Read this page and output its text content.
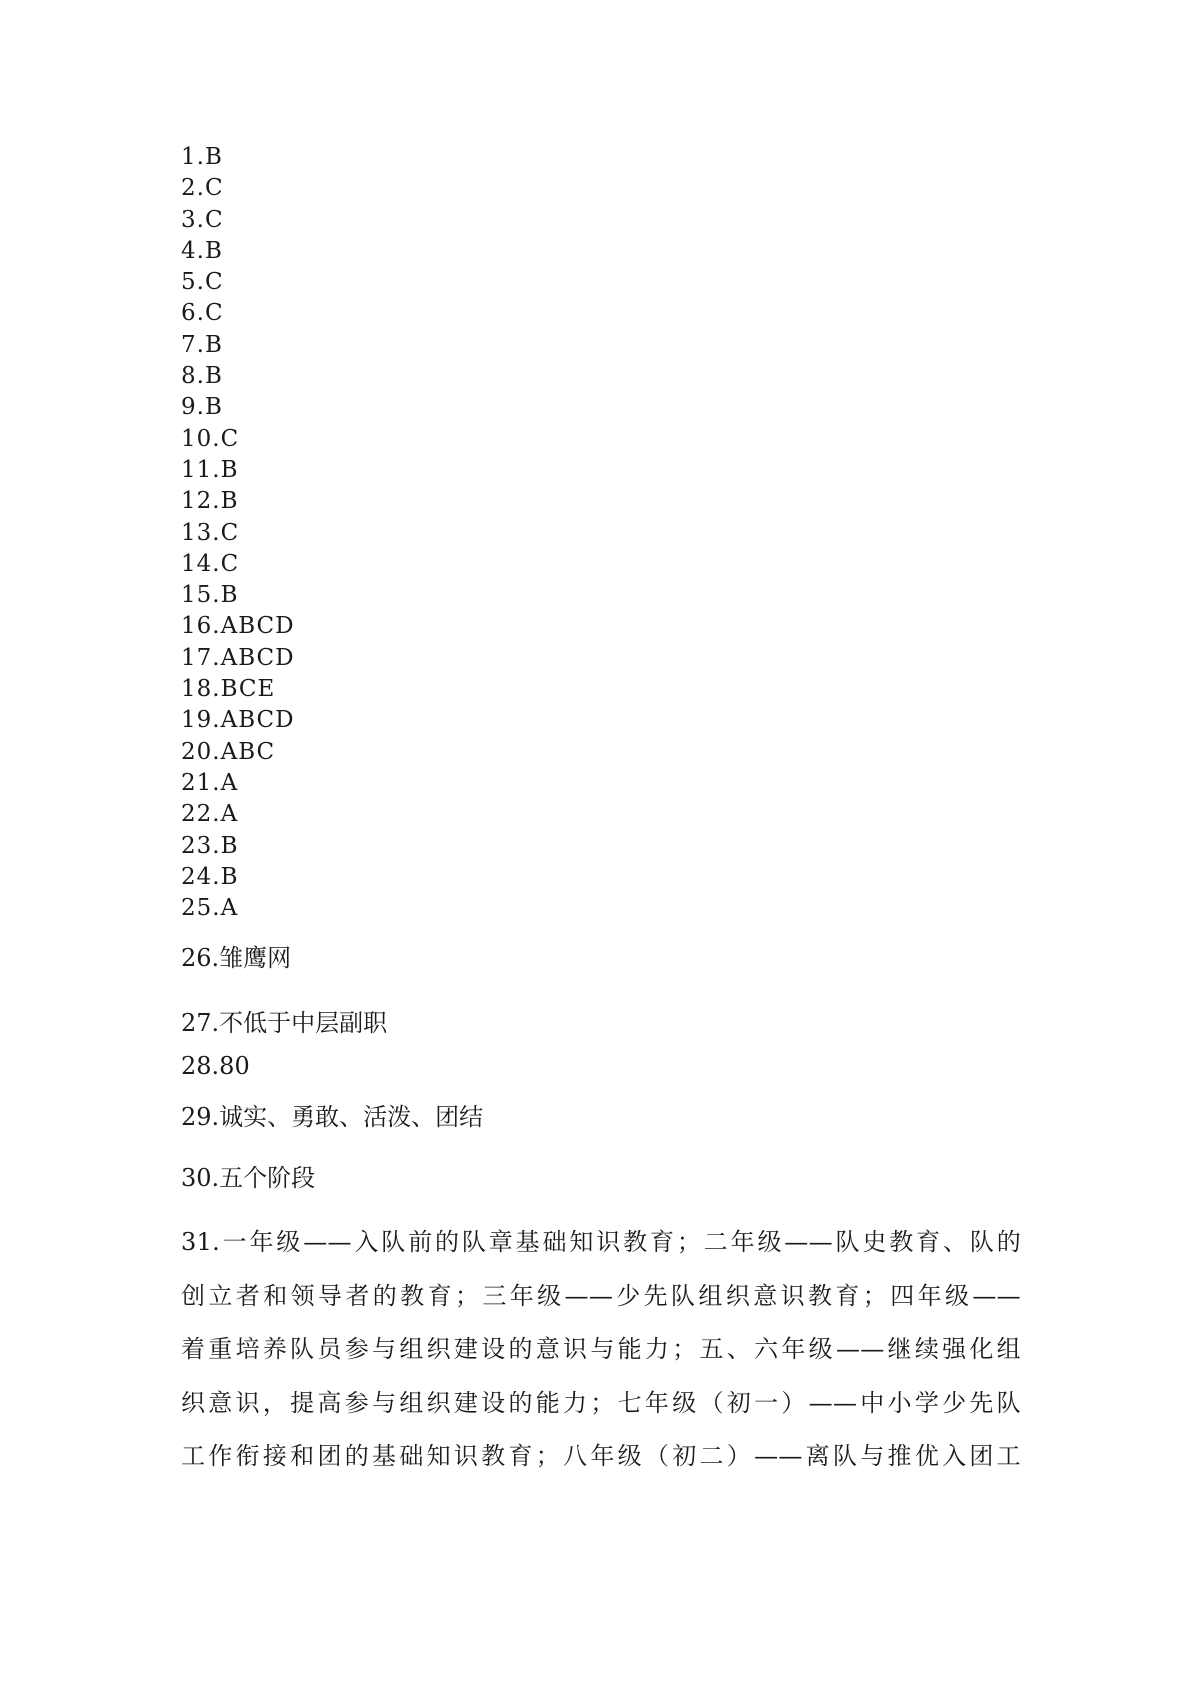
1.B
2.C
3.C
4.B
5.C
6.C
7.B
8.B
9.B
10.C
11.B
12.B
13.C
14.C
15.B
16.ABCD
17.ABCD
18.BCE
19.ABCD
20.ABC
21.A
22.A
23.B
24.B
25.A

26.雏鹰网

27.不低于中层副职

28.80

29.诚实、勇敢、活泼、团结

30.五个阶段

31.一年级——入队前的队章基础知识教育；二年级——队史教育、队的
创立者和领导者的教育；三年级——少先队组织意识教育；四年级——
着重培养队员参与组织建设的意识与能力；五、六年级——继续强化组
织意识，提高参与组织建设的能力；七年级（初一）——中小学少先队
工作衔接和团的基础知识教育；八年级（初二）——离队与推优入团工
